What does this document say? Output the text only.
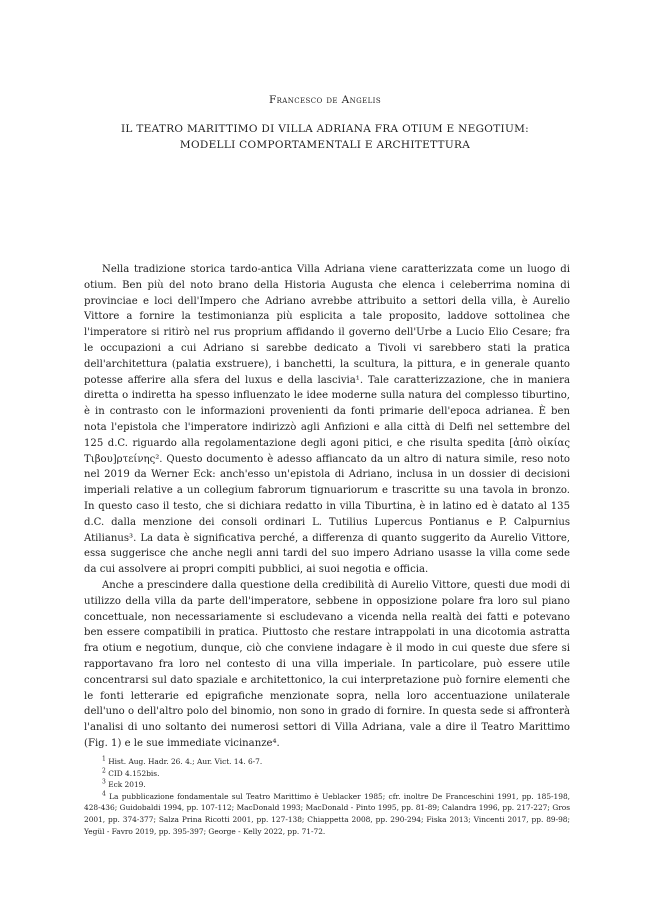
Francesco de Angelis
IL TEATRO MARITTIMO DI VILLA ADRIANA FRA OTIUM E NEGOTIUM:
MODELLI COMPORTAMENTALI E ARCHITETTURA

Nella tradizione storica tardo-antica Villa Adriana viene caratterizzata come un luogo di otium. Ben più del noto brano della Historia Augusta che elenca i celeberrima nomina di provinciae e loci dell'Impero che Adriano avrebbe attribuito a settori della villa, è Aurelio Vittore a fornire la testimonianza più esplicita a tale proposito, laddove sottolinea che l'imperatore si ritirò nel rus proprium affidando il governo dell'Urbe a Lucio Elio Cesare; fra le occupazioni a cui Adriano si sarebbe dedicato a Tivoli vi sarebbero stati la pratica dell'architettura (palatia exstruere), i banchetti, la scultura, la pittura, e in generale quanto potesse afferire alla sfera del luxus e della lascivia¹. Tale caratterizzazione, che in maniera diretta o indiretta ha spesso influenzato le idee moderne sulla natura del complesso tiburtino, è in contrasto con le informazioni provenienti da fonti primarie dell'epoca adrianea. È ben nota l'epistola che l'imperatore indirizzò agli Anfizioni e alla città di Delfi nel settembre del 125 d.C. riguardo alla regolamentazione degli agoni pitici, e che risulta spedita [ἀπὸ οἰκίας Τιβου]ρτείνης². Questo documento è adesso affiancato da un altro di natura simile, reso noto nel 2019 da Werner Eck: anch'esso un'epistola di Adriano, inclusa in un dossier di decisioni imperiali relative a un collegium fabrorum tignuariorum e trascritte su una tavola in bronzo. In questo caso il testo, che si dichiara redatto in villa Tiburtina, è in latino ed è datato al 135 d.C. dalla menzione dei consoli ordinari L. Tutilius Lupercus Pontianus e P. Calpurnius Atilianus³. La data è significativa perché, a differenza di quanto suggerito da Aurelio Vittore, essa suggerisce che anche negli anni tardi del suo impero Adriano usasse la villa come sede da cui assolvere ai propri compiti pubblici, ai suoi negotia e officia.

Anche a prescindere dalla questione della credibilità di Aurelio Vittore, questi due modi di utilizzo della villa da parte dell'imperatore, sebbene in opposizione polare fra loro sul piano concettuale, non necessariamente si escludevano a vicenda nella realtà dei fatti e potevano ben essere compatibili in pratica. Piuttosto che restare intrappolati in una dicotomia astratta fra otium e negotium, dunque, ciò che conviene indagare è il modo in cui queste due sfere si rapportavano fra loro nel contesto di una villa imperiale. In particolare, può essere utile concentrarsi sul dato spaziale e architettonico, la cui interpretazione può fornire elementi che le fonti letterarie ed epigrafiche menzionate sopra, nella loro accentuazione unilaterale dell'uno o dell'altro polo del binomio, non sono in grado di fornire. In questa sede si affronterà l'analisi di uno soltanto dei numerosi settori di Villa Adriana, vale a dire il Teatro Marittimo (Fig. 1) e le sue immediate vicinanze⁴.

$^1$ Hist. Aug. Hadr. 26. 4.; Aur. Vict. 14. 6-7.
$^2$ CID 4.152bis.
$^3$ Eck 2019.
$^4$ La pubblicazione fondamentale sul Teatro Marittimo è Ueblacker 1985; cfr. inoltre De Franceschini 1991, pp. 185-198, 428-436; Guidobaldi 1994, pp. 107-112; MacDonald 1993; MacDonald - Pinto 1995, pp. 81-89; Calandra 1996, pp. 217-227; Gros 2001, pp. 374-377; Salza Prina Ricotti 2001, pp. 127-138; Chiappetta 2008, pp. 290-294; Fiska 2013; Vincenti 2017, pp. 89-98; Yegül - Favro 2019, pp. 395-397; George - Kelly 2022, pp. 71-72.
